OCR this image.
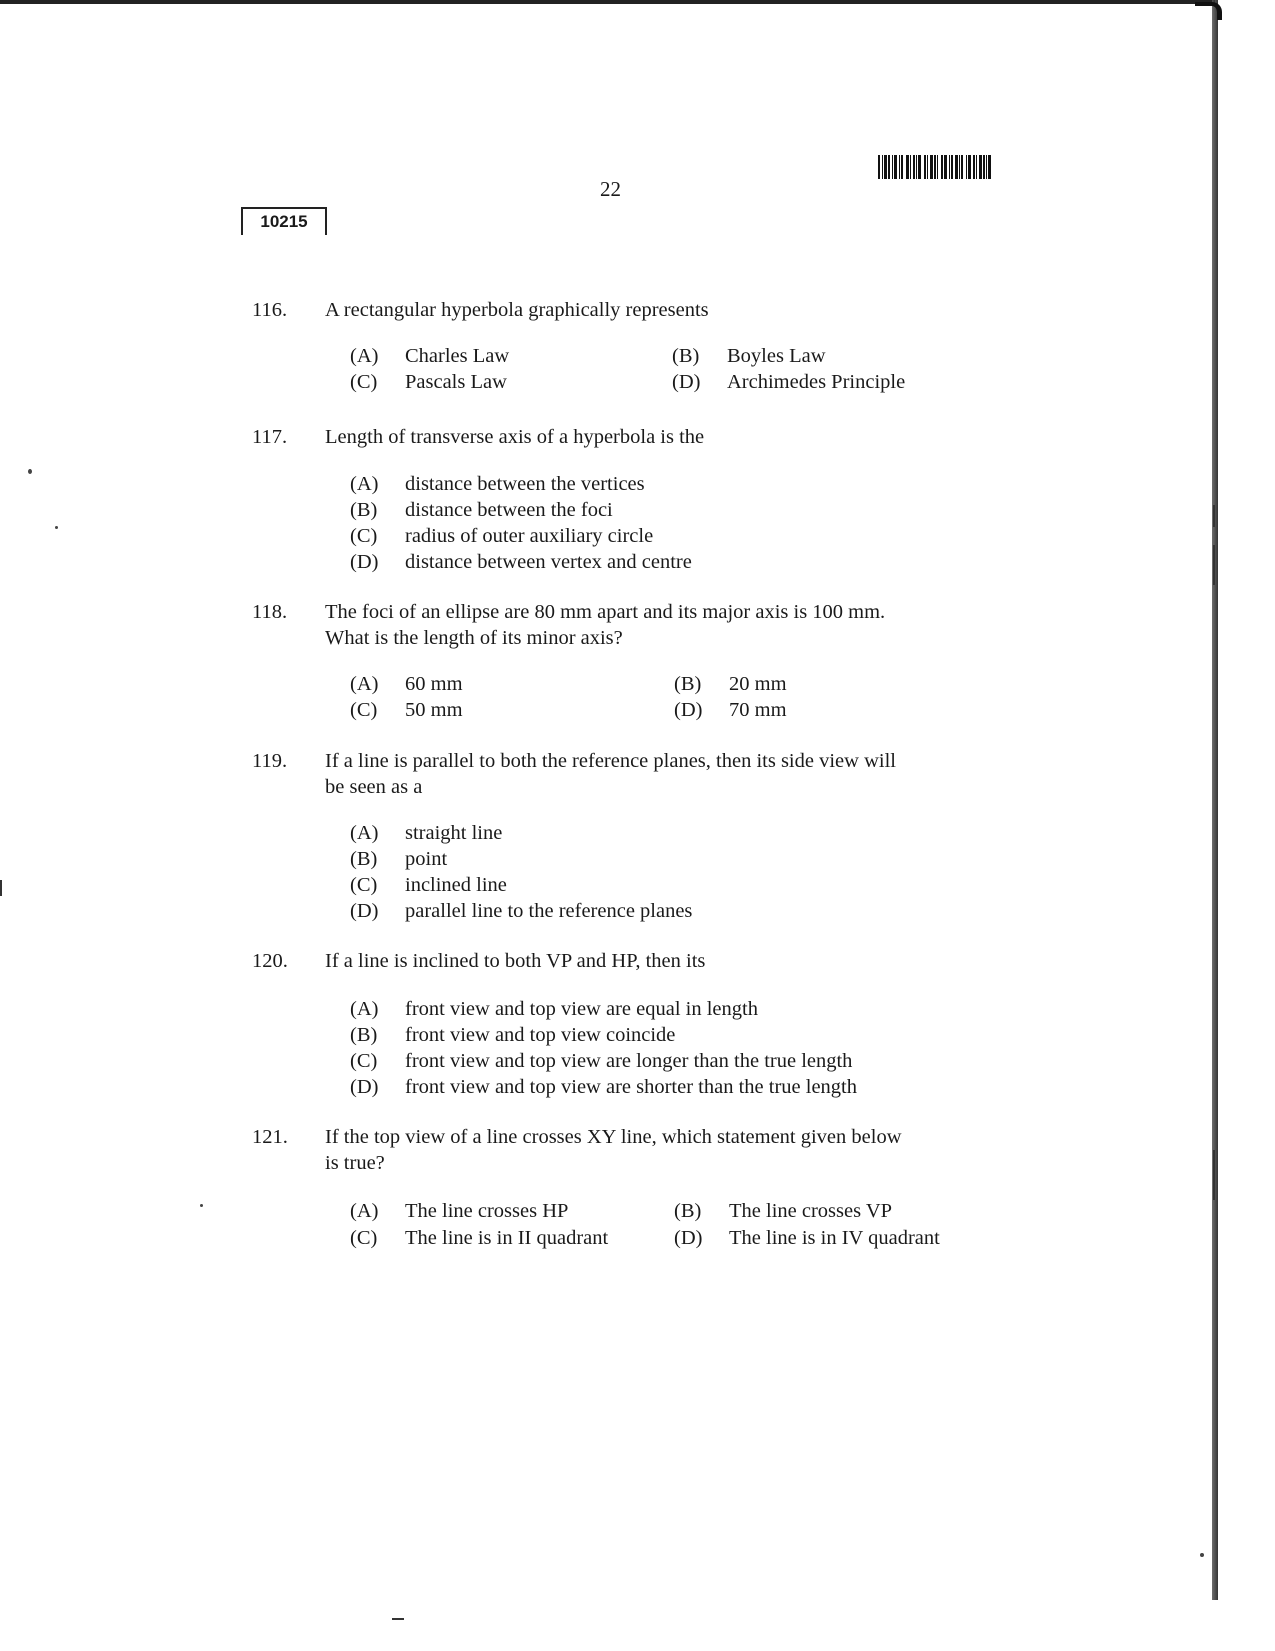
22
10215
116.	A rectangular hyperbola graphically represents
(A) Charles Law	(B) Boyles Law
(C) Pascals Law	(D) Archimedes Principle
117.	Length of transverse axis of a hyperbola is the
(A) distance between the vertices
(B) distance between the foci
(C) radius of outer auxiliary circle
(D) distance between vertex and centre
118.	The foci of an ellipse are 80 mm apart and its major axis is 100 mm.
What is the length of its minor axis?
(A) 60 mm	(B) 20 mm
(C) 50 mm	(D) 70 mm
119.	If a line is parallel to both the reference planes, then its side view will
be seen as a
(A) straight line
(B) point
(C) inclined line
(D) parallel line to the reference planes
120.	If a line is inclined to both VP and HP, then its
(A) front view and top view are equal in length
(B) front view and top view coincide
(C) front view and top view are longer than the true length
(D) front view and top view are shorter than the true length
121.	If the top view of a line crosses XY line, which statement given below
is true?
(A) The line crosses HP	(B) The line crosses VP
(C) The line is in II quadrant	(D) The line is in IV quadrant
